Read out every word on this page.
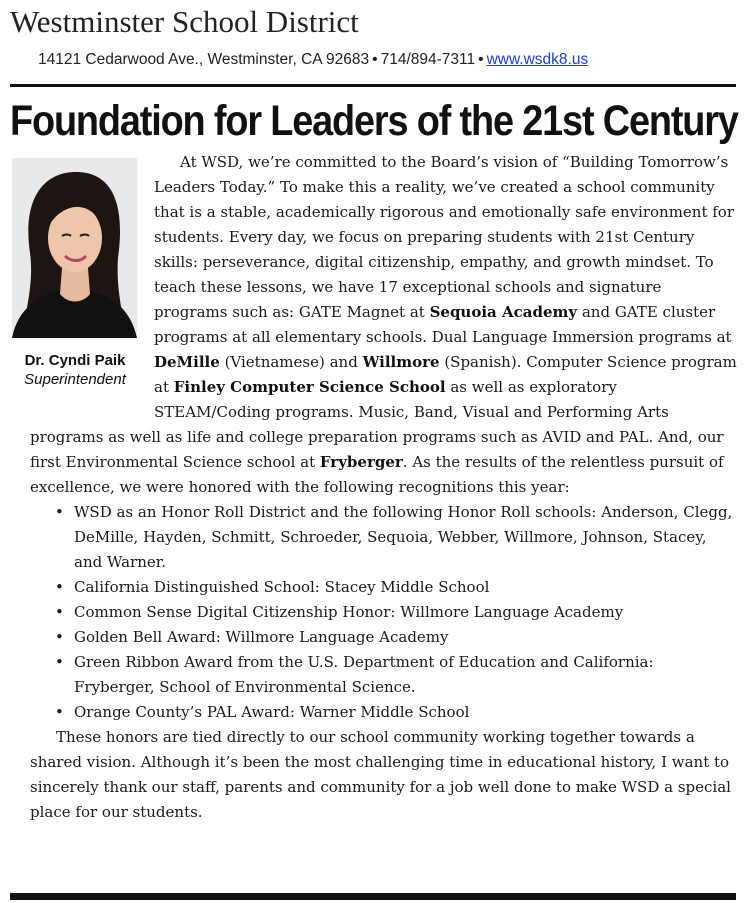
Westminster School District
14121 Cedarwood Ave., Westminster, CA 92683 • 714/894-7311 • www.wsdk8.us
Foundation for Leaders of the 21st Century
Dr. Cyndi Paik
Superintendent

At WSD, we’re committed to the Board’s vision of “Building Tomorrow’s Leaders Today.” To make this a reality, we’ve created a school community that is a stable, academically rigorous and emotionally safe environment for students. Every day, we focus on preparing students with 21st Century skills: perseverance, digital citizenship, empathy, and growth mindset. To teach these lessons, we have 17 exceptional schools and signature programs such as: GATE Magnet at Sequoia Academy and GATE cluster programs at all elementary schools. Dual Language Immersion programs at DeMille (Vietnamese) and Willmore (Spanish). Computer Science program at Finley Computer Science School as well as exploratory STEAM/Coding programs. Music, Band, Visual and Performing Arts programs as well as life and college preparation programs such as AVID and PAL. And, our first Environmental Science school at Fryberger. As the results of the relentless pursuit of excellence, we were honored with the following recognitions this year:

• WSD as an Honor Roll District and the following Honor Roll schools: Anderson, Clegg, DeMille, Hayden, Schmitt, Schroeder, Sequoia, Webber, Willmore, Johnson, Stacey, and Warner.
• California Distinguished School: Stacey Middle School
• Common Sense Digital Citizenship Honor: Willmore Language Academy
• Golden Bell Award: Willmore Language Academy
• Green Ribbon Award from the U.S. Department of Education and California: Fryberger, School of Environmental Science.
• Orange County’s PAL Award: Warner Middle School

These honors are tied directly to our school community working together towards a shared vision. Although it’s been the most challenging time in educational history, I want to sincerely thank our staff, parents and community for a job well done to make WSD a special place for our students.
